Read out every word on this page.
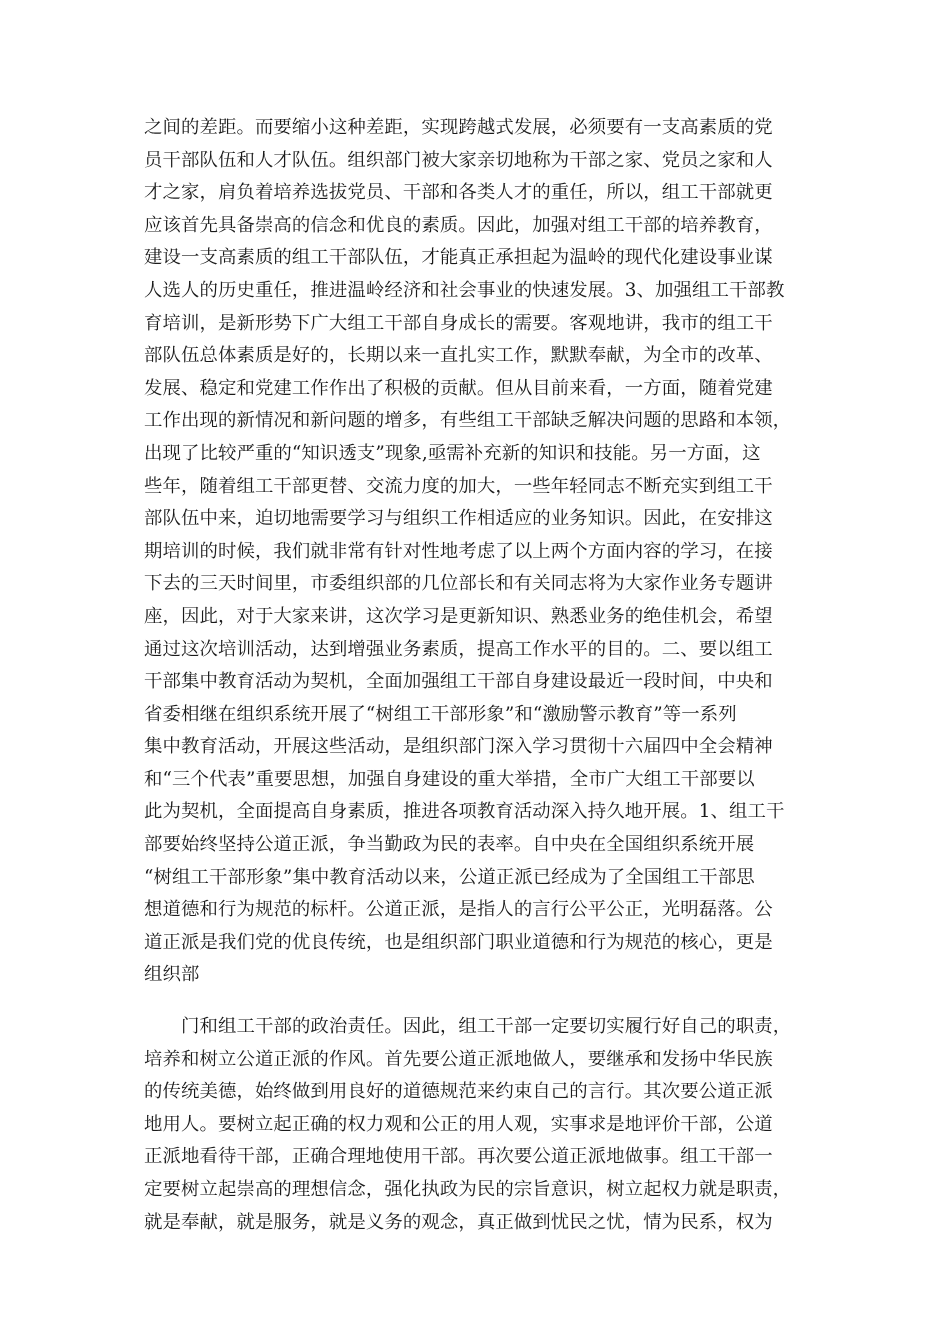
之间的差距。而要缩小这种差距，实现跨越式发展，必须要有一支高素质的党
员干部队伍和人才队伍。组织部门被大家亲切地称为干部之家、党员之家和人
才之家，肩负着培养选拔党员、干部和各类人才的重任，所以，组工干部就更
应该首先具备崇高的信念和优良的素质。因此，加强对组工干部的培养教育，
建设一支高素质的组工干部队伍，才能真正承担起为温岭的现代化建设事业谋
人选人的历史重任，推进温岭经济和社会事业的快速发展。3、加强组工干部教
育培训，是新形势下广大组工干部自身成长的需要。客观地讲，我市的组工干
部队伍总体素质是好的，长期以来一直扎实工作，默默奉献，为全市的改革、
发展、稳定和党建工作作出了积极的贡献。但从目前来看，一方面，随着党建
工作出现的新情况和新问题的增多，有些组工干部缺乏解决问题的思路和本领，
出现了比较严重的“知识透支”现象,亟需补充新的知识和技能。另一方面，这
些年，随着组工干部更替、交流力度的加大，一些年轻同志不断充实到组工干
部队伍中来，迫切地需要学习与组织工作相适应的业务知识。因此，在安排这
期培训的时候，我们就非常有针对性地考虑了以上两个方面内容的学习，在接
下去的三天时间里，市委组织部的几位部长和有关同志将为大家作业务专题讲
座，因此，对于大家来讲，这次学习是更新知识、熟悉业务的绝佳机会，希望
通过这次培训活动，达到增强业务素质，提高工作水平的目的。二、要以组工
干部集中教育活动为契机，全面加强组工干部自身建设最近一段时间，中央和
省委相继在组织系统开展了“树组工干部形象”和“激励警示教育”等一系列
集中教育活动，开展这些活动，是组织部门深入学习贯彻十六届四中全会精神
和“三个代表”重要思想，加强自身建设的重大举措，全市广大组工干部要以
此为契机，全面提高自身素质，推进各项教育活动深入持久地开展。1、组工干
部要始终坚持公道正派，争当勤政为民的表率。自中央在全国组织系统开展
“树组工干部形象”集中教育活动以来，公道正派已经成为了全国组工干部思
想道德和行为规范的标杆。公道正派，是指人的言行公平公正，光明磊落。公
道正派是我们党的优良传统，也是组织部门职业道德和行为规范的核心，更是
组织部
门和组工干部的政治责任。因此，组工干部一定要切实履行好自己的职责，
培养和树立公道正派的作风。首先要公道正派地做人，要继承和发扬中华民族
的传统美德，始终做到用良好的道德规范来约束自己的言行。其次要公道正派
地用人。要树立起正确的权力观和公正的用人观，实事求是地评价干部，公道
正派地看待干部，正确合理地使用干部。再次要公道正派地做事。组工干部一
定要树立起崇高的理想信念，强化执政为民的宗旨意识，树立起权力就是职责，
就是奉献，就是服务，就是义务的观念，真正做到忧民之忧，情为民系，权为
